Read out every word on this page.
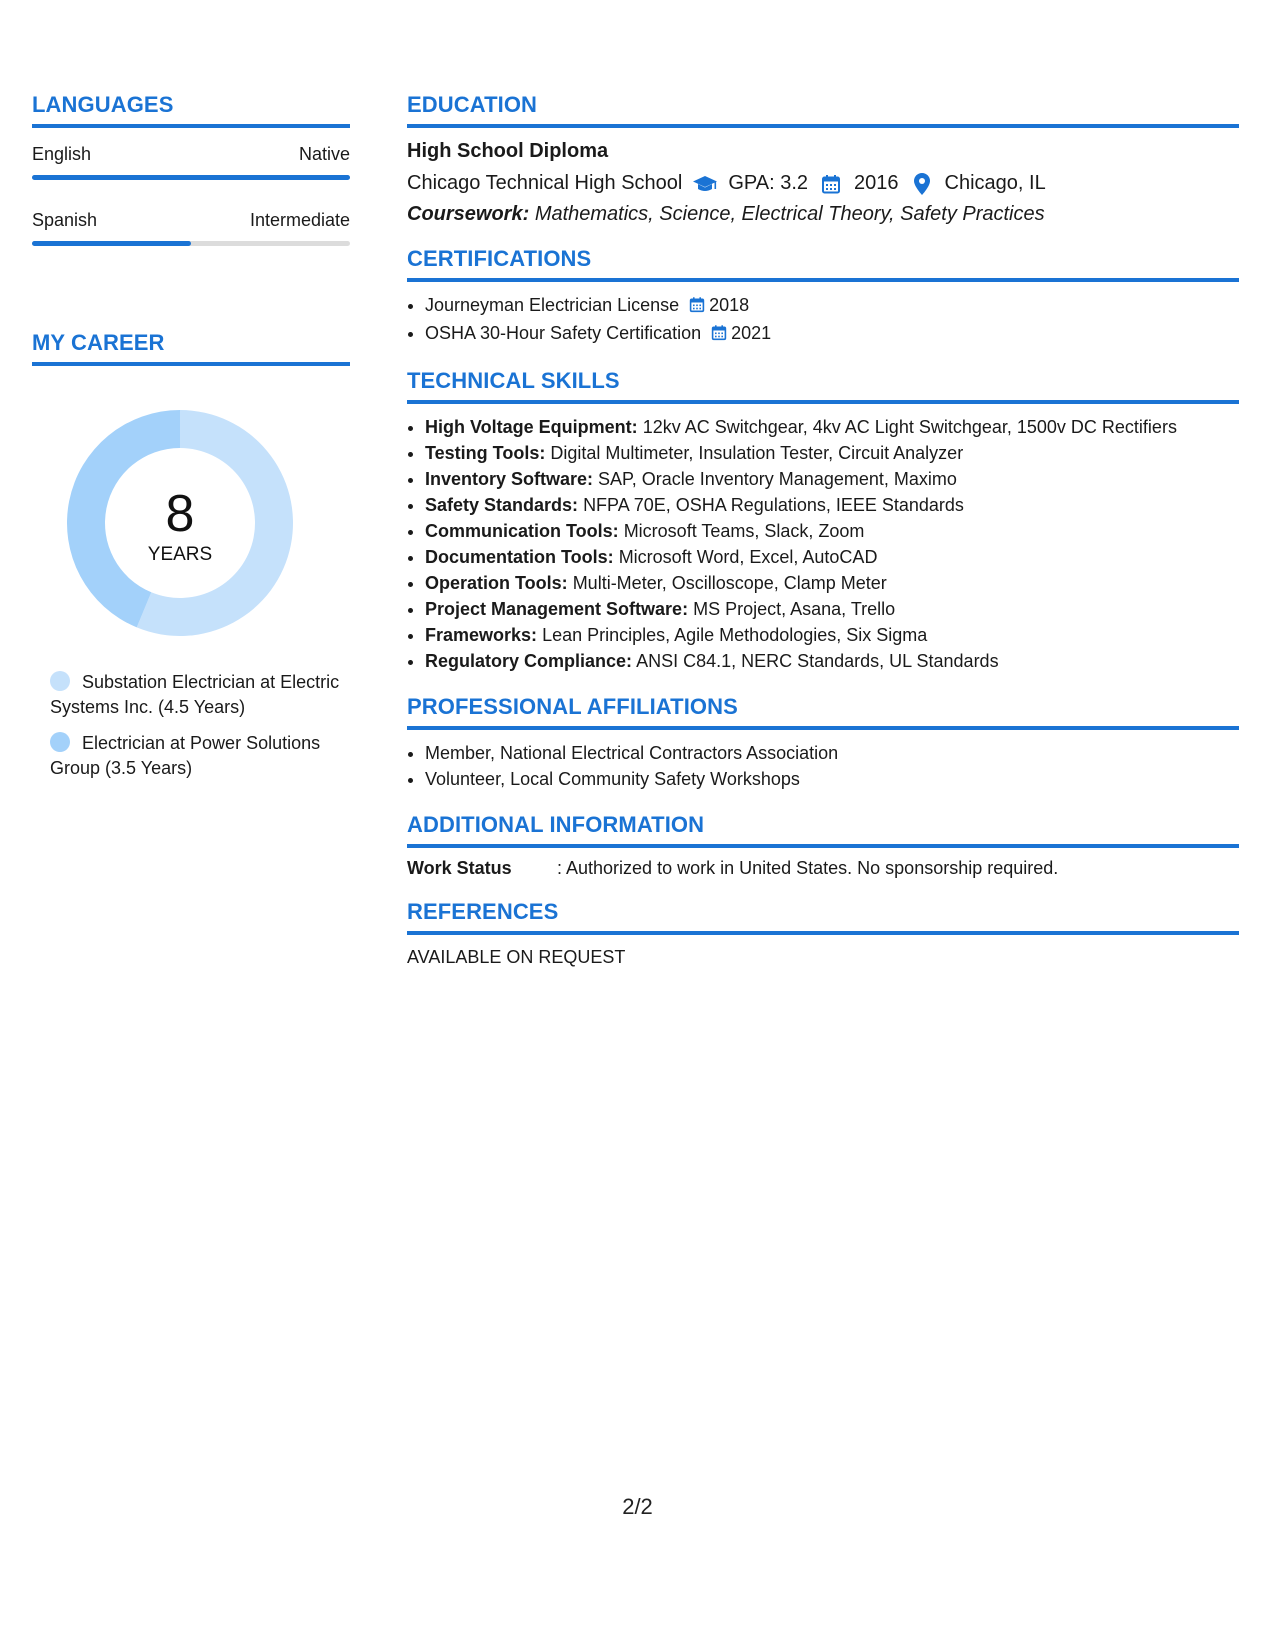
LANGUAGES
English	Native
Spanish	Intermediate
MY CAREER
8
YEARS
Substation Electrician at Electric Systems Inc. (4.5 Years)
Electrician at Power Solutions Group (3.5 Years)
EDUCATION
High School Diploma
Chicago Technical High School GPA: 3.2 2016 Chicago, IL
Coursework: Mathematics, Science, Electrical Theory, Safety Practices
CERTIFICATIONS
• Journeyman Electrician License 2018
• OSHA 30-Hour Safety Certification 2021
TECHNICAL SKILLS
• High Voltage Equipment: 12kv AC Switchgear, 4kv AC Light Switchgear, 1500v DC Rectifiers
• Testing Tools: Digital Multimeter, Insulation Tester, Circuit Analyzer
• Inventory Software: SAP, Oracle Inventory Management, Maximo
• Safety Standards: NFPA 70E, OSHA Regulations, IEEE Standards
• Communication Tools: Microsoft Teams, Slack, Zoom
• Documentation Tools: Microsoft Word, Excel, AutoCAD
• Operation Tools: Multi-Meter, Oscilloscope, Clamp Meter
• Project Management Software: MS Project, Asana, Trello
• Frameworks: Lean Principles, Agile Methodologies, Six Sigma
• Regulatory Compliance: ANSI C84.1, NERC Standards, UL Standards
PROFESSIONAL AFFILIATIONS
• Member, National Electrical Contractors Association
• Volunteer, Local Community Safety Workshops
ADDITIONAL INFORMATION
Work Status	: Authorized to work in United States. No sponsorship required.
REFERENCES
AVAILABLE ON REQUEST
2/2
